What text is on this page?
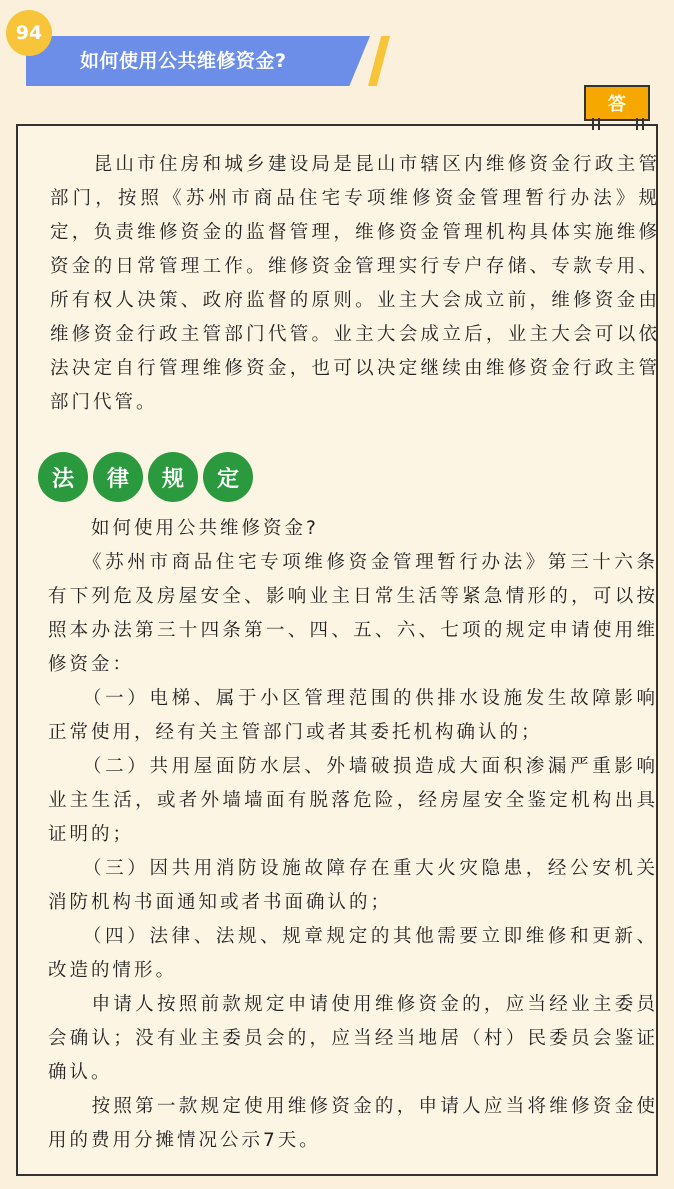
94
如何使用公共维修资金?
答
　　昆山市住房和城乡建设局是昆山市辖区内维修资金行政主管部门，按照《苏州市商品住宅专项维修资金管理暂行办法》规定，负责维修资金的监督管理，维修资金管理机构具体实施维修资金的日常管理工作。维修资金管理实行专户存储、专款专用、所有权人决策、政府监督的原则。业主大会成立前，维修资金由维修资金行政主管部门代管。业主大会成立后，业主大会可以依法决定自行管理维修资金，也可以决定继续由维修资金行政主管部门代管。
法	律	规	定
　　如何使用公共维修资金?
　　《苏州市商品住宅专项维修资金管理暂行办法》第三十六条有下列危及房屋安全、影响业主日常生活等紧急情形的，可以按照本办法第三十四条第一、四、五、六、七项的规定申请使用维修资金：
　　（一）电梯、属于小区管理范围的供排水设施发生故障影响正常使用，经有关主管部门或者其委托机构确认的；
　　（二）共用屋面防水层、外墙破损造成大面积渗漏严重影响业主生活，或者外墙墙面有脱落危险，经房屋安全鉴定机构出具证明的；
　　（三）因共用消防设施故障存在重大火灾隐患，经公安机关消防机构书面通知或者书面确认的；
　　（四）法律、法规、规章规定的其他需要立即维修和更新、改造的情形。
　　申请人按照前款规定申请使用维修资金的，应当经业主委员会确认；没有业主委员会的，应当经当地居（村）民委员会鉴证确认。
　　按照第一款规定使用维修资金的，申请人应当将维修资金使用的费用分摊情况公示7天。
